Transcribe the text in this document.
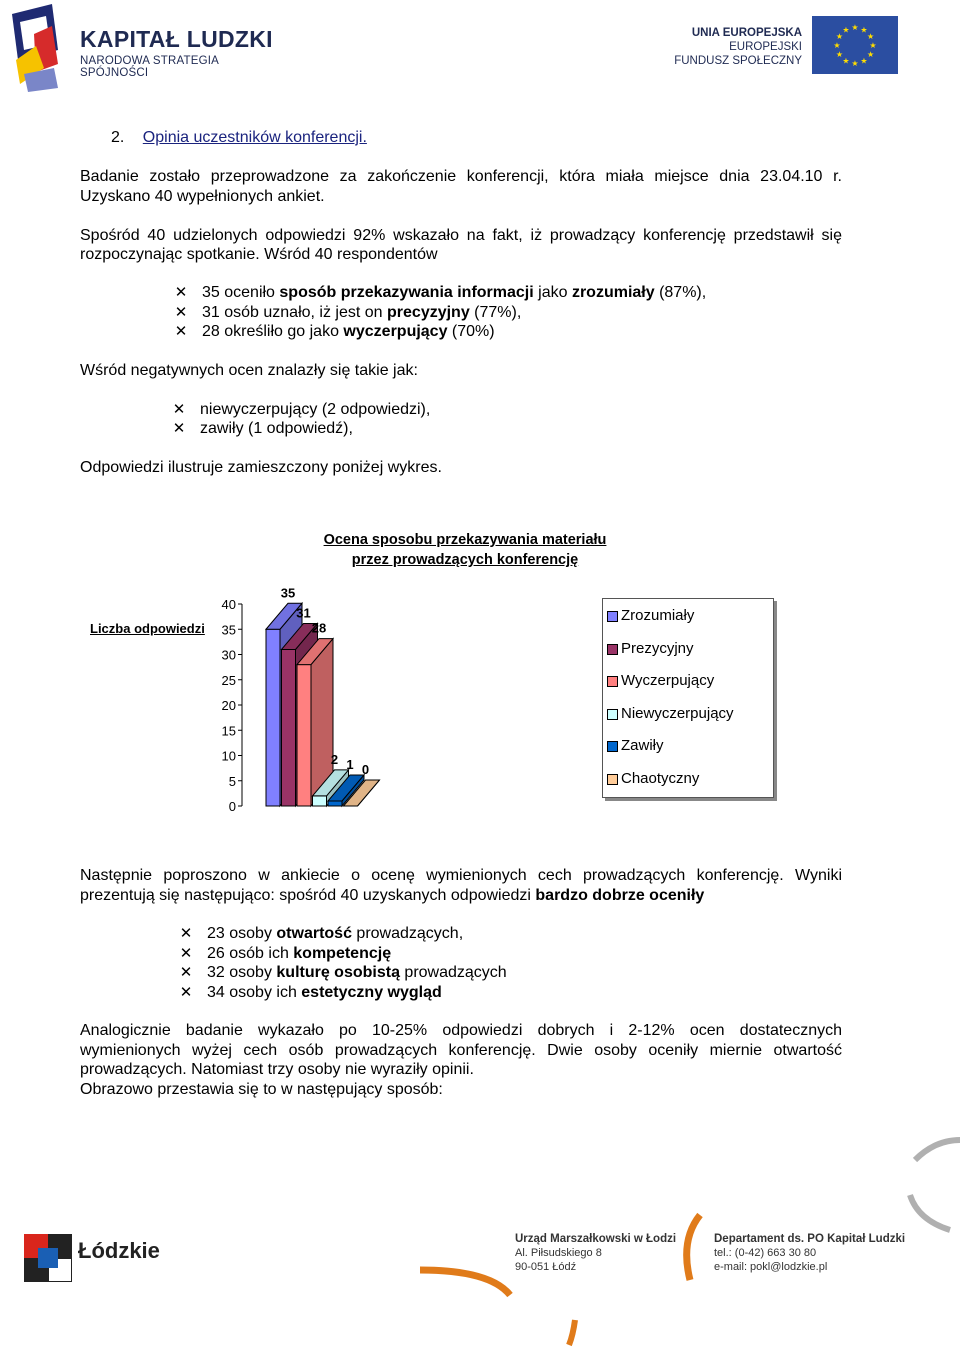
KAPITAŁ LUDZKI
NARODOWA STRATEGIA SPÓJNOŚCI
UNIA EUROPEJSKA
EUROPEJSKI
FUNDUSZ SPOŁECZNY
★
★
★
★
★
★
★
★
★ ★ ★
★
2. Opinia uczestników konferencji.
Badanie zostało przeprowadzone za zakończenie konferencji, która miała miejsce dnia 23.04.10 r.
Uzyskano 40 wypełnionych ankiet.
Spośród 40 udzielonych odpowiedzi 92% wskazało na fakt, iż prowadzący konferencję przedstawił się
rozpoczynając spotkanie. Wśród 40 respondentów
✕ 35 oceniło sposób przekazywania informacji jako zrozumiały (87%),
✕ 31 osób uznało, iż jest on precyzyjny (77%),
✕ 28 określiło go jako wyczerpujący (70%)
Wśród negatywnych ocen znalazły się takie jak:
✕ niewyczerpujący (2 odpowiedzi),
✕ zawiły (1 odpowiedź),
Odpowiedzi ilustruje zamieszczony poniżej wykres.
Ocena sposobu przekazywania materiału
przez prowadzących konferencję
Liczba odpowiedzi
0
5
10
15
20
25
30
35
40
35
31
28
2 1 0
Zrozumiały
Prezycyjny
Wyczerpujący
Niewyczerpujący
Zawiły
Chaotyczny
Następnie poproszono w ankiecie o ocenę wymienionych cech prowadzących konferencję. Wyniki
prezentują się następująco: spośród 40 uzyskanych odpowiedzi bardzo dobrze oceniły
✕ 23 osoby otwartość prowadzących,
✕ 26 osób ich kompetencję
✕ 32 osoby kulturę osobistą prowadzących
✕ 34 osoby ich estetyczny wygląd
Analogicznie badanie wykazało po 10-25% odpowiedzi dobrych i 2-12% ocen dostatecznych
wymienionych wyżej cech osób prowadzących konferencję. Dwie osoby oceniły miernie otwartość
prowadzących. Natomiast trzy osoby nie wyraziły opinii.
Obrazowo przestawia się to w następujący sposób:
Łódzkie	Urząd Marszałkowski w Łodzi
Al. Piłsudskiego 8
90-051 Łódź
Departament ds. PO Kapitał Ludzki
tel.: (0-42) 663 30 80
e-mail: pokl@lodzkie.pl
